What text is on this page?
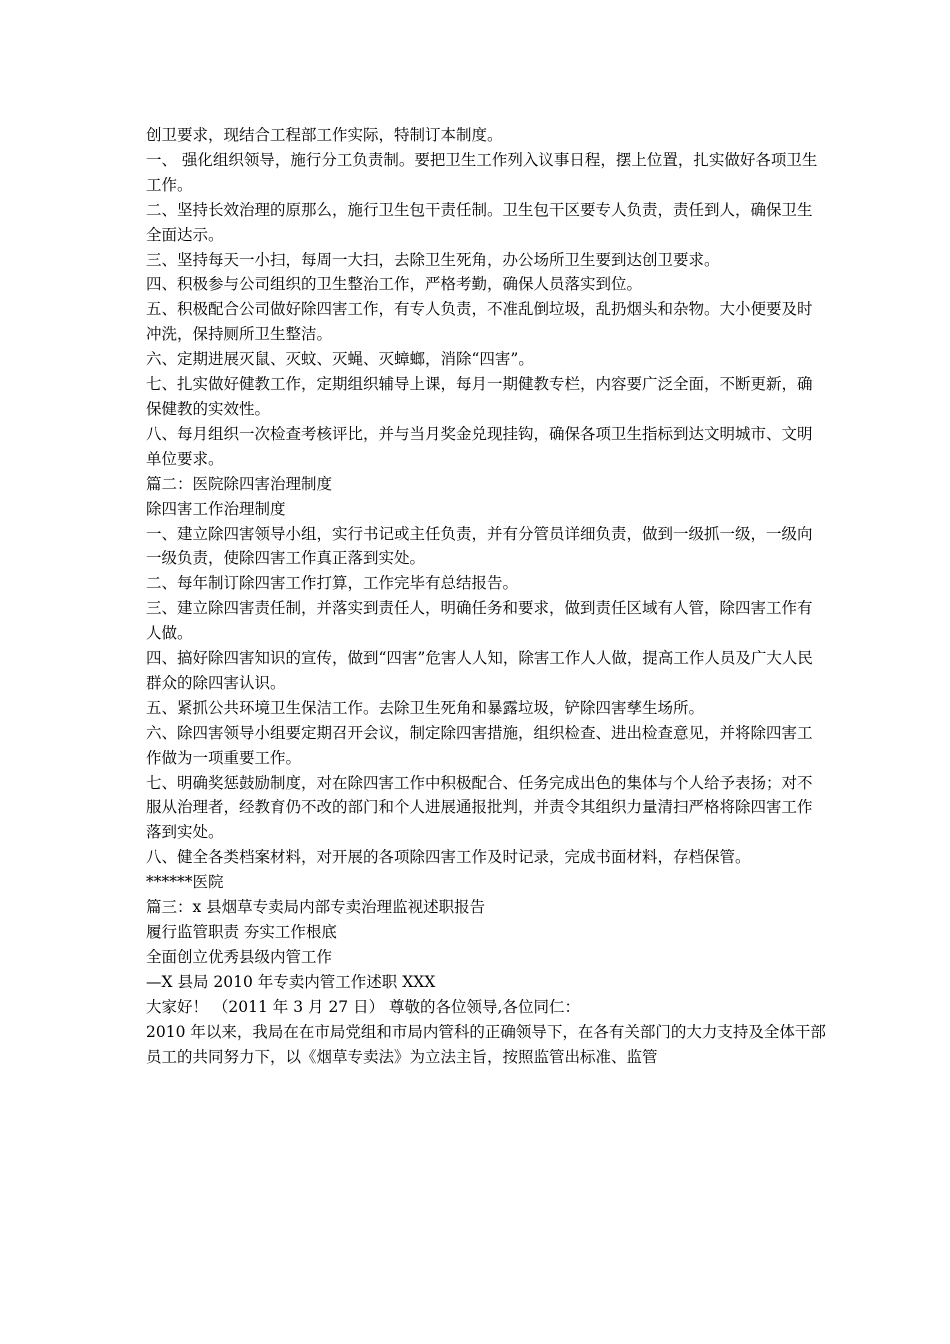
创卫要求，现结合工程部工作实际，特制订本制度。

一、 强化组织领导，施行分工负责制。要把卫生工作列入议事日程，摆上位置，扎实做好各项卫生工作。

二、坚持长效治理的原那么，施行卫生包干责任制。卫生包干区要专人负责，责任到人，确保卫生全面达示。

三、坚持每天一小扫，每周一大扫，去除卫生死角，办公场所卫生要到达创卫要求。

四、积极参与公司组织的卫生整治工作，严格考勤，确保人员落实到位。

五、积极配合公司做好除四害工作，有专人负责，不准乱倒垃圾，乱扔烟头和杂物。大小便要及时冲洗，保持厕所卫生整洁。

六、定期进展灭鼠、灭蚊、灭蝇、灭蟑螂，消除“四害”。

七、扎实做好健教工作，定期组织辅导上课，每月一期健教专栏，内容要广泛全面，不断更新，确保健教的实效性。

八、每月组织一次检查考核评比，并与当月奖金兑现挂钩，确保各项卫生指标到达文明城市、文明单位要求。

篇二：医院除四害治理制度

除四害工作治理制度

一、建立除四害领导小组，实行书记或主任负责，并有分管员详细负责，做到一级抓一级，一级向一级负责，使除四害工作真正落到实处。

二、每年制订除四害工作打算，工作完毕有总结报告。

三、建立除四害责任制，并落实到责任人，明确任务和要求，做到责任区域有人管，除四害工作有人做。

四、搞好除四害知识的宣传，做到“四害”危害人人知，除害工作人人做，提高工作人员及广大人民群众的除四害认识。

五、紧抓公共环境卫生保洁工作。去除卫生死角和暴露垃圾，铲除四害孳生场所。

六、除四害领导小组要定期召开会议，制定除四害措施，组织检查、进出检查意见，并将除四害工作做为一项重要工作。

七、明确奖惩鼓励制度，对在除四害工作中积极配合、任务完成出色的集体与个人给予表扬；对不服从治理者，经教育仍不改的部门和个人进展通报批判，并责令其组织力量清扫严格将除四害工作落到实处。

八、健全各类档案材料，对开展的各项除四害工作及时记录，完成书面材料，存档保管。

******医院

篇三：x 县烟草专卖局内部专卖治理监视述职报告

履行监管职责 夯实工作根底

全面创立优秀县级内管工作

—X 县局 2010 年专卖内管工作述职 XXX

大家好！ （2011 年 3 月 27 日） 尊敬的各位领导,各位同仁：

2010 年以来，我局在在市局党组和市局内管科的正确领导下，在各有关部门的大力支持及全体干部员工的共同努力下，以《烟草专卖法》为立法主旨，按照监管出标准、监管
